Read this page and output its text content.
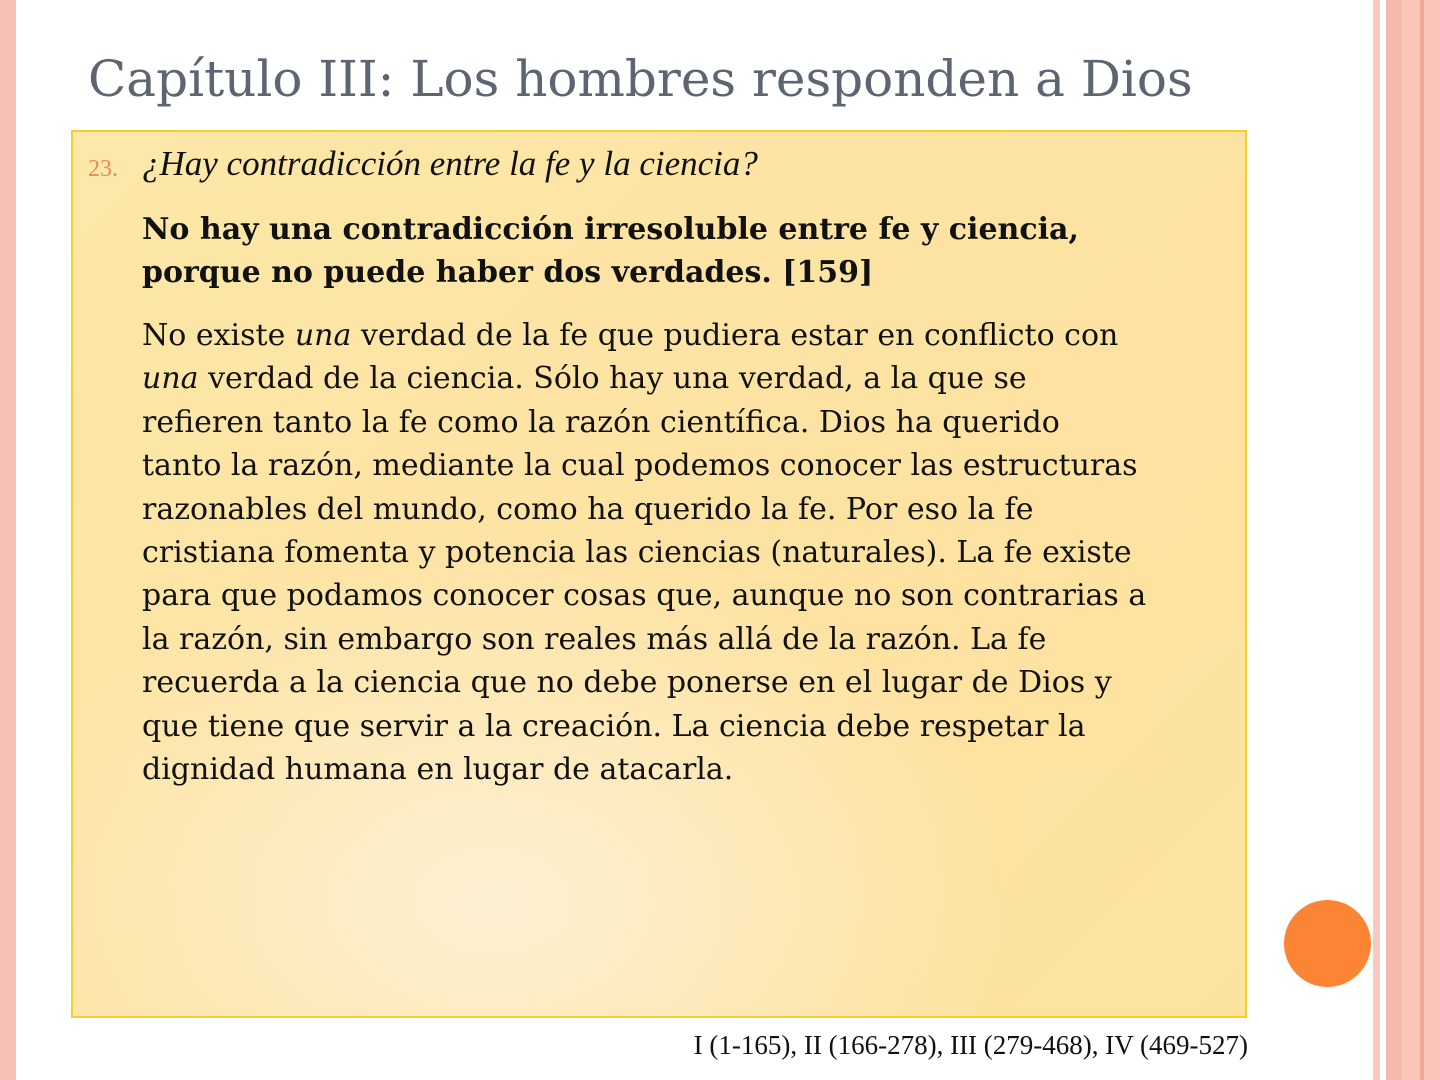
Capítulo III: Los hombres responden a Dios
23. ¿Hay contradicción entre la fe y la ciencia?
No hay una contradicción irresoluble entre fe y ciencia,
porque no puede haber dos verdades. [159]
No existe una verdad de la fe que pudiera estar en conflicto con
una verdad de la ciencia. Sólo hay una verdad, a la que se
refieren tanto la fe como la razón científica. Dios ha querido
tanto la razón, mediante la cual podemos conocer las estructuras
razonables del mundo, como ha querido la fe. Por eso la fe
cristiana fomenta y potencia las ciencias (naturales). La fe existe
para que podamos conocer cosas que, aunque no son contrarias a
la razón, sin embargo son reales más allá de la razón. La fe
recuerda a la ciencia que no debe ponerse en el lugar de Dios y
que tiene que servir a la creación. La ciencia debe respetar la
dignidad humana en lugar de atacarla.
I (1-165), II (166-278), III (279-468), IV (469-527)
